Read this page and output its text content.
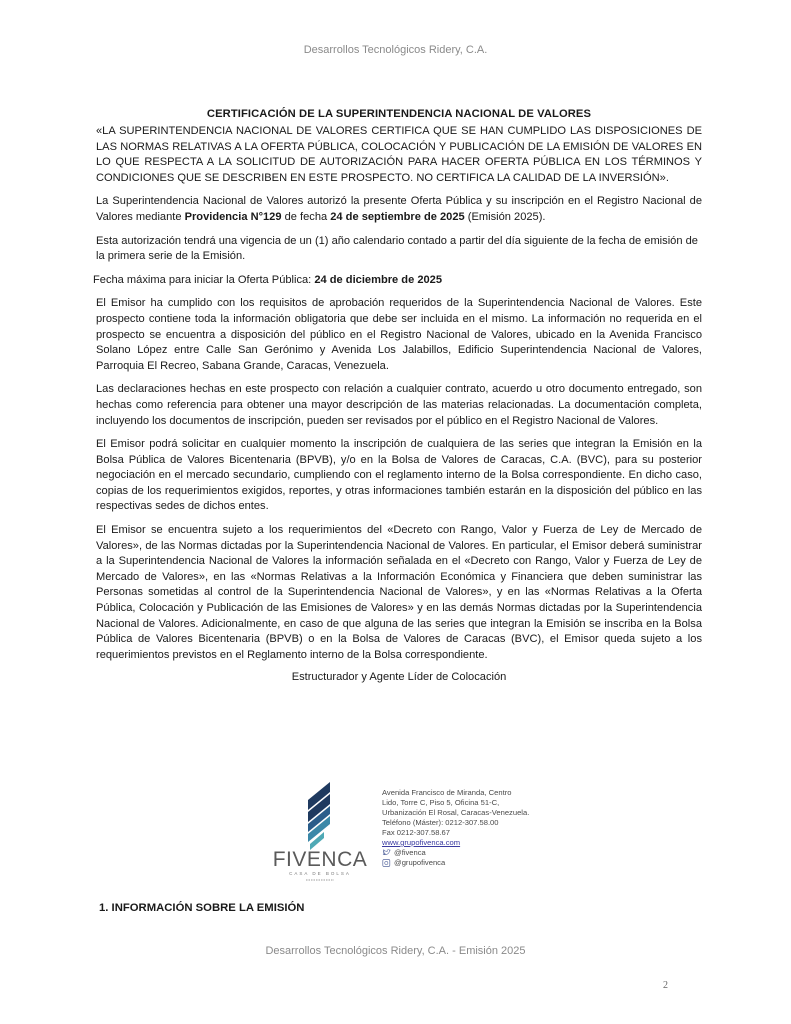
Desarrollos Tecnológicos Ridery, C.A.
CERTIFICACIÓN DE LA SUPERINTENDENCIA NACIONAL DE VALORES

«LA SUPERINTENDENCIA NACIONAL DE VALORES CERTIFICA QUE SE HAN CUMPLIDO LAS DISPOSICIONES DE LAS NORMAS RELATIVAS A LA OFERTA PÚBLICA, COLOCACIÓN Y PUBLICACIÓN DE LA EMISIÓN DE VALORES EN LO QUE RESPECTA A LA SOLICITUD DE AUTORIZACIÓN PARA HACER OFERTA PÚBLICA EN LOS TÉRMINOS Y CONDICIONES QUE SE DESCRIBEN EN ESTE PROSPECTO. NO CERTIFICA LA CALIDAD DE LA INVERSIÓN».

La Superintendencia Nacional de Valores autorizó la presente Oferta Pública y su inscripción en el Registro Nacional de Valores mediante Providencia N°129 de fecha 24 de septiembre de 2025 (Emisión 2025).

Esta autorización tendrá una vigencia de un (1) año calendario contado a partir del día siguiente de la fecha de emisión de la primera serie de la Emisión.

Fecha máxima para iniciar la Oferta Pública: 24 de diciembre de 2025

El Emisor ha cumplido con los requisitos de aprobación requeridos de la Superintendencia Nacional de Valores. Este prospecto contiene toda la información obligatoria que debe ser incluida en el mismo. La información no requerida en el prospecto se encuentra a disposición del público en el Registro Nacional de Valores, ubicado en la Avenida Francisco Solano López entre Calle San Gerónimo y Avenida Los Jalabillos, Edificio Superintendencia Nacional de Valores, Parroquia El Recreo, Sabana Grande, Caracas, Venezuela.

Las declaraciones hechas en este prospecto con relación a cualquier contrato, acuerdo u otro documento entregado, son hechas como referencia para obtener una mayor descripción de las materias relacionadas. La documentación completa, incluyendo los documentos de inscripción, pueden ser revisados por el público en el Registro Nacional de Valores.

El Emisor podrá solicitar en cualquier momento la inscripción de cualquiera de las series que integran la Emisión en la Bolsa Pública de Valores Bicentenaria (BPVB), y/o en la Bolsa de Valores de Caracas, C.A. (BVC), para su posterior negociación en el mercado secundario, cumpliendo con el reglamento interno de la Bolsa correspondiente. En dicho caso, copias de los requerimientos exigidos, reportes, y otras informaciones también estarán en la disposición del público en las respectivas sedes de dichos entes.

El Emisor se encuentra sujeto a los requerimientos del «Decreto con Rango, Valor y Fuerza de Ley de Mercado de Valores», de las Normas dictadas por la Superintendencia Nacional de Valores. En particular, el Emisor deberá suministrar a la Superintendencia Nacional de Valores la información señalada en el «Decreto con Rango, Valor y Fuerza de Ley de Mercado de Valores», en las «Normas Relativas a la Información Económica y Financiera que deben suministrar las Personas sometidas al control de la Superintendencia Nacional de Valores», y en las «Normas Relativas a la Oferta Pública, Colocación y Publicación de las Emisiones de Valores» y en las demás Normas dictadas por la Superintendencia Nacional de Valores. Adicionalmente, en caso de que alguna de las series que integran la Emisión se inscriba en la Bolsa Pública de Valores Bicentenaria (BPVB) o en la Bolsa de Valores de Caracas (BVC), el Emisor queda sujeto a los requerimientos previstos en el Reglamento interno de la Bolsa correspondiente.

Estructurador y Agente Líder de Colocación
FIVENCA
CASA DE BOLSA
Avenida Francisco de Miranda, Centro
Lido, Torre C, Piso 5, Oficina 51-C,
Urbanización El Rosal, Caracas-Venezuela.
Teléfono (Máster): 0212-307.58.00
Fax 0212-307.58.67
www.grupofivenca.com
@fivenca
@grupofivenca
1. INFORMACIÓN SOBRE LA EMISIÓN
Desarrollos Tecnológicos Ridery, C.A. - Emisión 2025
2
